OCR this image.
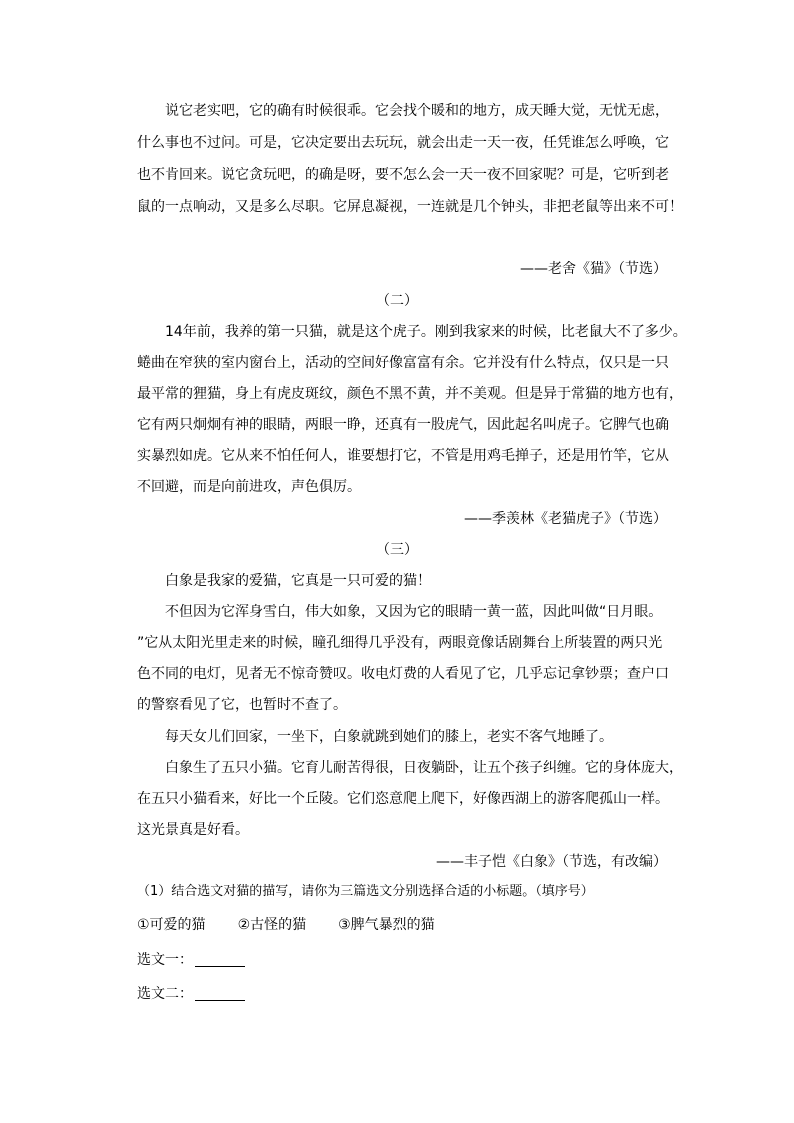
说它老实吧，它的确有时候很乖。它会找个暖和的地方，成天睡大觉，无忧无虑，
什么事也不过问。可是，它决定要出去玩玩，就会出走一天一夜，任凭谁怎么呼唤，它
也不肯回来。说它贪玩吧，的确是呀，要不怎么会一天一夜不回家呢？可是，它听到老
鼠的一点响动，又是多么尽职。它屏息凝视，一连就是几个钟头，非把老鼠等出来不可！
——老舍《猫》（节选）
（二）
14年前，我养的第一只猫，就是这个虎子。刚到我家来的时候，比老鼠大不了多少。
蜷曲在窄狭的室内窗台上，活动的空间好像富富有余。它并没有什么特点，仅只是一只
最平常的狸猫，身上有虎皮斑纹，颜色不黑不黄，并不美观。但是异于常猫的地方也有，
它有两只炯炯有神的眼睛，两眼一睁，还真有一股虎气，因此起名叫虎子。它脾气也确
实暴烈如虎。它从来不怕任何人，谁要想打它，不管是用鸡毛掸子，还是用竹竿，它从
不回避，而是向前进攻，声色俱厉。
——季羡林《老猫虎子》（节选）
（三）
白象是我家的爱猫，它真是一只可爱的猫！
不但因为它浑身雪白，伟大如象，又因为它的眼睛一黄一蓝，因此叫做“日月眼。
”它从太阳光里走来的时候，瞳孔细得几乎没有，两眼竟像话剧舞台上所装置的两只光
色不同的电灯，见者无不惊奇赞叹。收电灯费的人看见了它，几乎忘记拿钞票；查户口
的警察看见了它，也暂时不查了。
每天女儿们回家，一坐下，白象就跳到她们的膝上，老实不客气地睡了。
白象生了五只小猫。它育儿耐苦得很，日夜躺卧，让五个孩子纠缠。它的身体庞大，
在五只小猫看来，好比一个丘陵。它们恣意爬上爬下，好像西湖上的游客爬孤山一样。
这光景真是好看。
——丰子恺《白象》（节选，有改编）
（1）结合选文对猫的描写，请你为三篇选文分别选择合适的小标题。（填序号）
①可爱的猫 ②古怪的猫 ③脾气暴烈的猫
选文一：
选文二：
